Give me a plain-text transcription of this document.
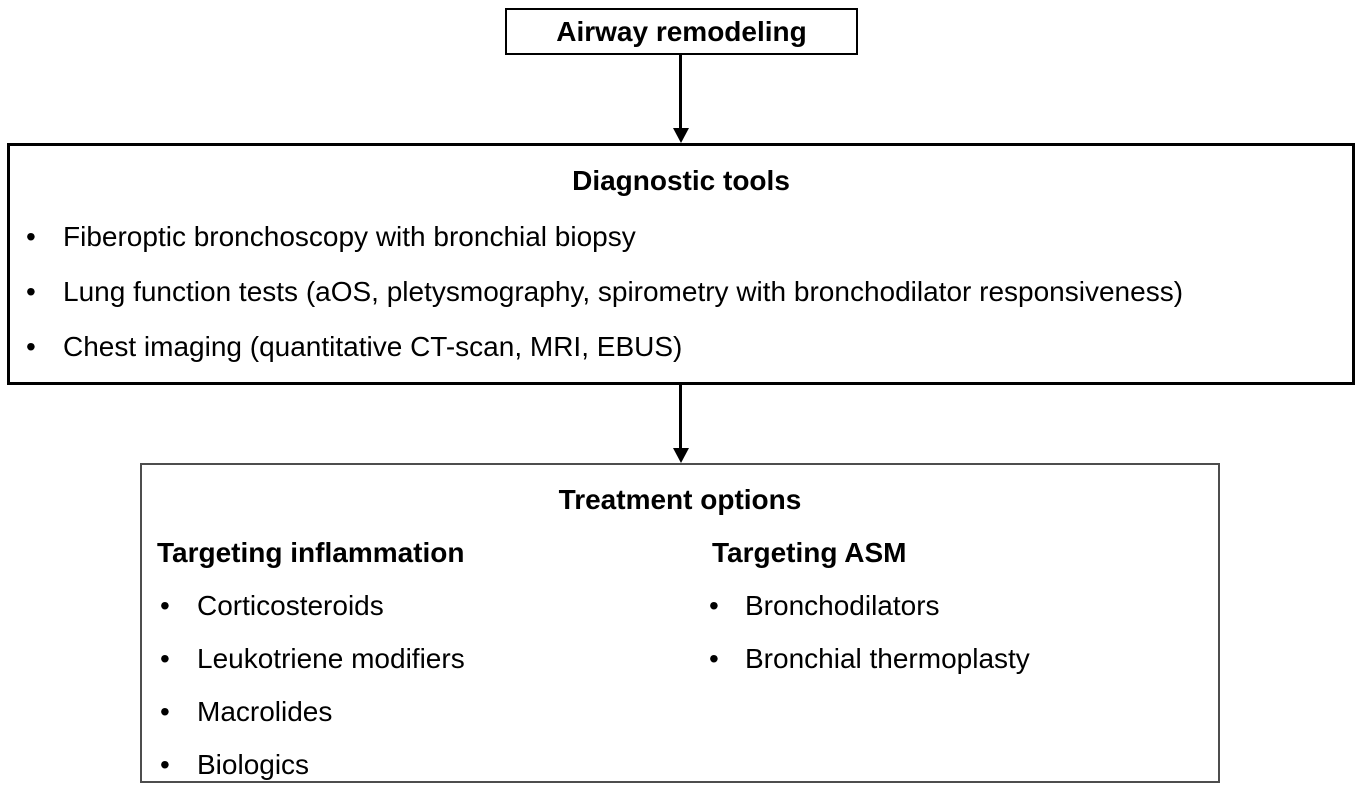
Airway remodeling
Diagnostic tools
• Fiberoptic bronchoscopy with bronchial biopsy
• Lung function tests (aOS, pletysmography, spirometry with bronchodilator responsiveness)
• Chest imaging (quantitative CT-scan, MRI, EBUS)
Treatment options
Targeting inflammation
• Corticosteroids
• Leukotriene modifiers
• Macrolides
• Biologics
Targeting ASM
• Bronchodilators
• Bronchial thermoplasty
